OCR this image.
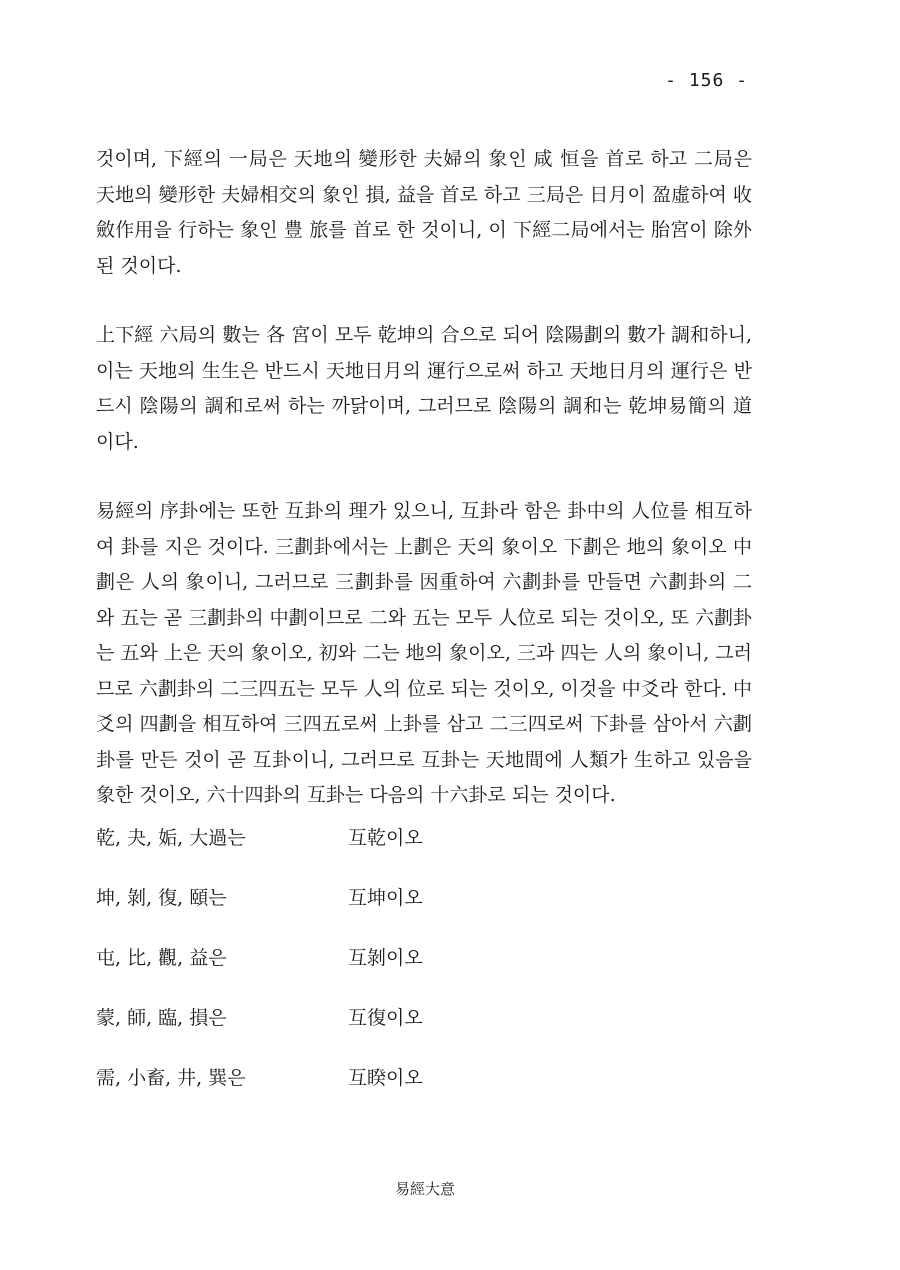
- 156 -

것이며, 下經의 一局은 天地의 變形한 夫婦의 象인 咸 恒을 首로 하고 二局은 天地의 變形한 夫婦相交의 象인 損, 益을 首로 하고 三局은 日月이 盈虛하여 收斂作用을 行하는 象인 豊 旅를 首로 한 것이니, 이 下經二局에서는 胎宮이 除外된 것이다.

上下經 六局의 數는 各 宮이 모두 乾坤의 合으로 되어 陰陽劃의 數가 調和하니, 이는 天地의 生生은 반드시 天地日月의 運行으로써 하고 天地日月의 運行은 반드시 陰陽의 調和로써 하는 까닭이며, 그러므로 陰陽의 調和는 乾坤易簡의 道이다.

易經의 序卦에는 또한 互卦의 理가 있으니, 互卦라 함은 卦中의 人位를 相互하여 卦를 지은 것이다. 三劃卦에서는 上劃은 天의 象이오 下劃은 地의 象이오 中劃은 人의 象이니, 그러므로 三劃卦를 因重하여 六劃卦를 만들면 六劃卦의 二와 五는 곧 三劃卦의 中劃이므로 二와 五는 모두 人位로 되는 것이오, 또 六劃卦는 五와 上은 天의 象이오, 初와 二는 地의 象이오, 三과 四는 人의 象이니, 그러므로 六劃卦의 二三四五는 모두 人의 位로 되는 것이오, 이것을 中爻라 한다. 中爻의 四劃을 相互하여 三四五로써 上卦를 삼고 二三四로써 下卦를 삼아서 六劃卦를 만든 것이 곧 互卦이니, 그러므로 互卦는 天地間에 人類가 生하고 있음을 象한 것이오, 六十四卦의 互卦는 다음의 十六卦로 되는 것이다.

乾, 夬, 姤, 大過는	互乾이오
坤, 剝, 復, 頤는	互坤이오
屯, 比, 觀, 益은	互剝이오
蒙, 師, 臨, 損은	互復이오
需, 小畜, 井, 巽은	互睽이오
易經大意
